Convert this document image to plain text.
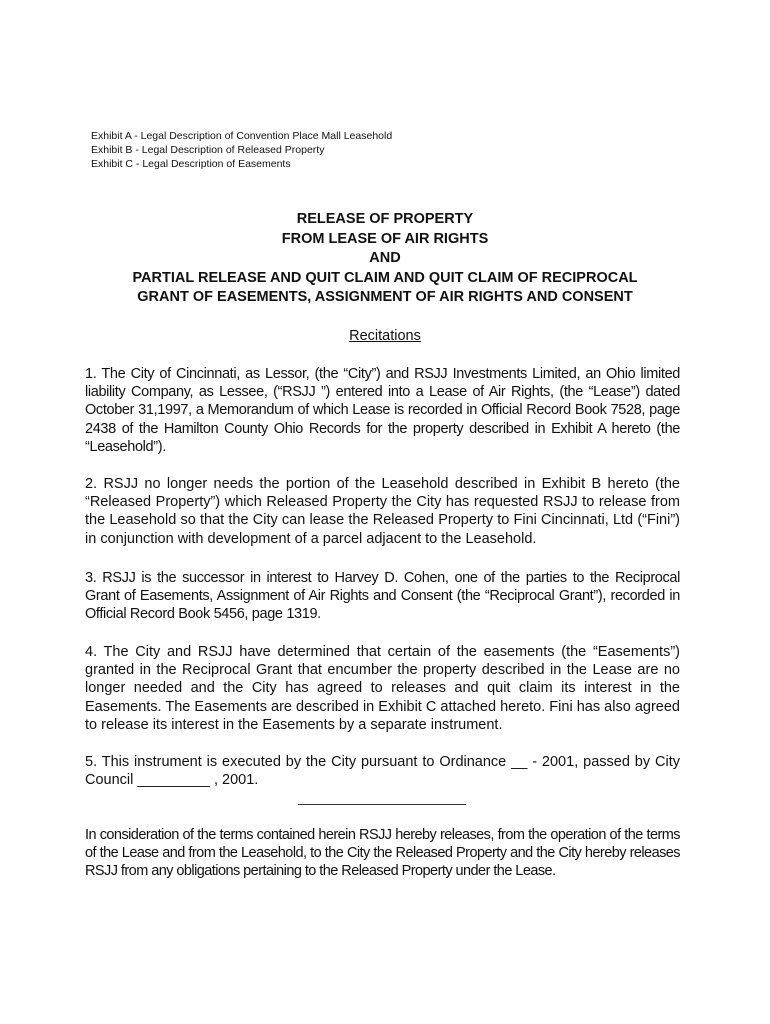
Exhibit A - Legal Description of Convention Place Mall Leasehold
Exhibit B - Legal Description of Released Property
Exhibit C - Legal Description of Easements
RELEASE OF PROPERTY
FROM LEASE OF AIR RIGHTS
AND
PARTIAL RELEASE AND QUIT CLAIM AND QUIT CLAIM OF RECIPROCAL
GRANT OF EASEMENTS, ASSIGNMENT OF AIR RIGHTS AND CONSENT
Recitations
1. The City of Cincinnati, as Lessor, (the “City”) and RSJJ Investments Limited, an Ohio limited liability Company, as Lessee, (“RSJJ ”) entered into a Lease of Air Rights, (the “Lease”) dated October 31,1997, a Memorandum of which Lease is recorded in Official Record Book 7528, page 2438 of the Hamilton County Ohio Records for the property described in Exhibit A hereto (the “Leasehold”).
2. RSJJ no longer needs the portion of the Leasehold described in Exhibit B hereto (the “Released Property”) which Released Property the City has requested RSJJ to release from the Leasehold so that the City can lease the Released Property to Fini Cincinnati, Ltd (“Fini”) in conjunction with development of a parcel adjacent to the Leasehold.
3. RSJJ is the successor in interest to Harvey D. Cohen, one of the parties to the Reciprocal Grant of Easements, Assignment of Air Rights and Consent (the “Reciprocal Grant”), recorded in Official Record Book 5456, page 1319.
4. The City and RSJJ have determined that certain of the easements (the “Easements”) granted in the Reciprocal Grant that encumber the property described in the Lease are no longer needed and the City has agreed to releases and quit claim its interest in the Easements. The Easements are described in Exhibit C attached hereto. Fini has also agreed to release its interest in the Easements by a separate instrument.
5. This instrument is executed by the City pursuant to Ordinance __ - 2001, passed by City Council _________ , 2001.
In consideration of the terms contained herein RSJJ hereby releases, from the operation of the terms of the Lease and from the Leasehold, to the City the Released Property and the City hereby releases RSJJ from any obligations pertaining to the Released Property under the Lease.
